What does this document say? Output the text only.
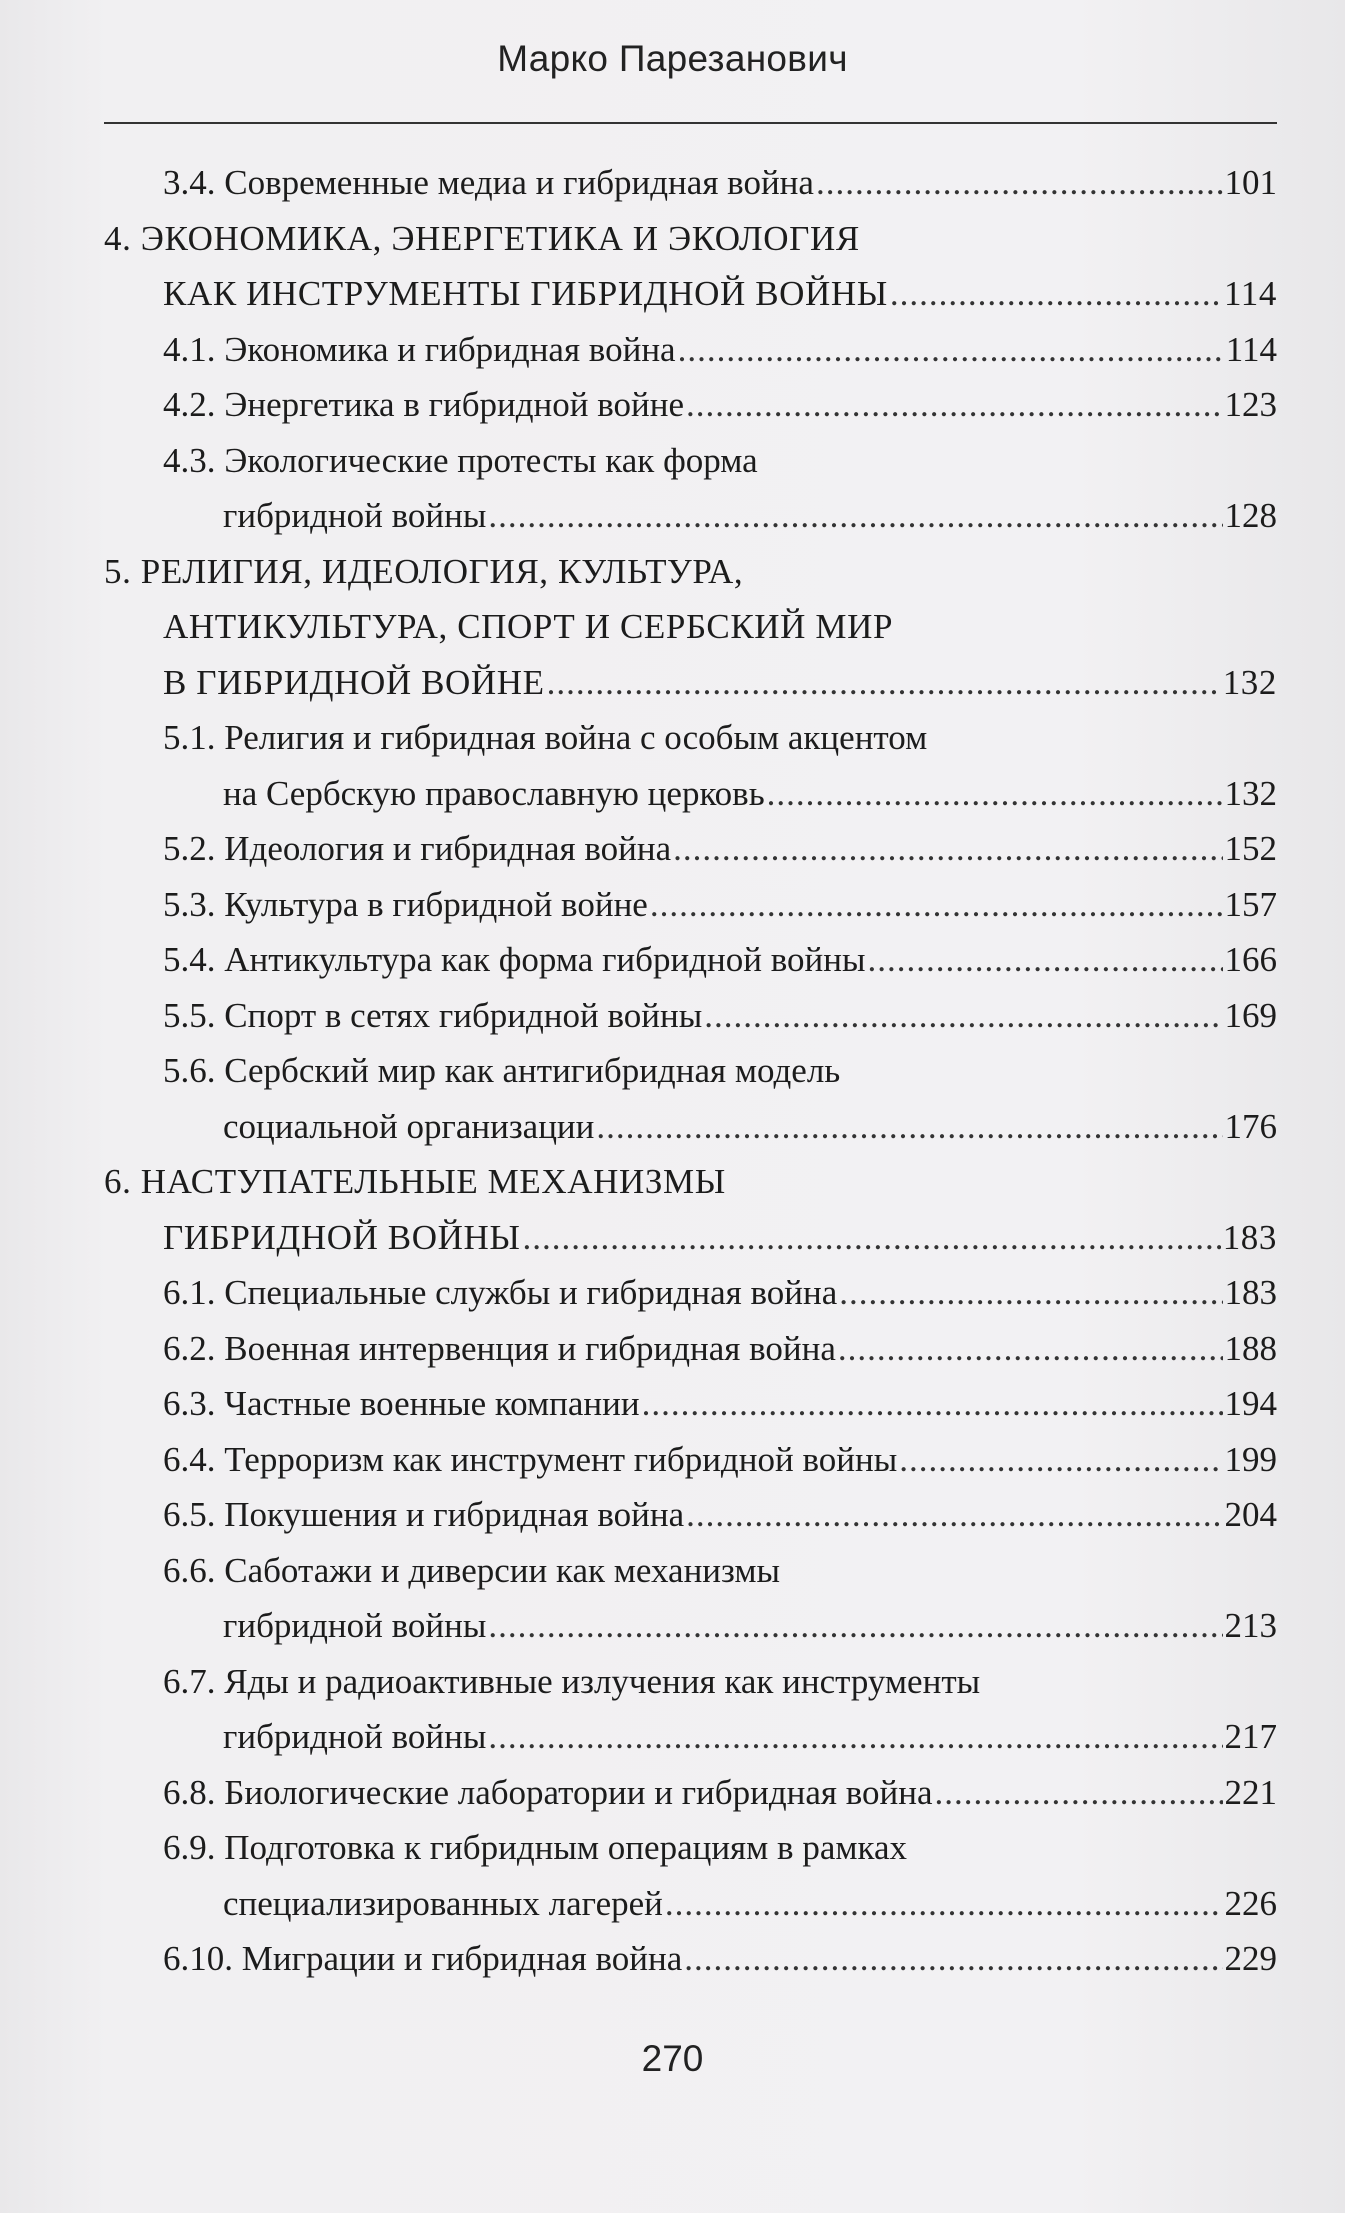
Марко Парезанович
3.4. Современные медиа и гибридная война .....	101
4. ЭКОНОМИКА, ЭНЕРГЕТИКА И ЭКОЛОГИЯ
КАК ИНСТРУМЕНТЫ ГИБРИДНОЙ ВОЙНЫ .....	114
4.1. Экономика и гибридная война .....	114
4.2. Энергетика в гибридной войне .....	123
4.3. Экологические протесты как форма
гибридной войны .....	128
5. РЕЛИГИЯ, ИДЕОЛОГИЯ, КУЛЬТУРА,
АНТИКУЛЬТУРА, СПОРТ И СЕРБСКИЙ МИР
В ГИБРИДНОЙ ВОЙНЕ .....	132
5.1. Религия и гибридная война с особым акцентом
на Сербскую православную церковь .....	132
5.2. Идеология и гибридная война .....	152
5.3. Культура в гибридной войне .....	157
5.4. Антикультура как форма гибридной войны .....	166
5.5. Спорт в сетях гибридной войны .....	169
5.6. Сербский мир как антигибридная модель
социальной организации .....	176
6. НАСТУПАТЕЛЬНЫЕ МЕХАНИЗМЫ
ГИБРИДНОЙ ВОЙНЫ .....	183
6.1. Специальные службы и гибридная война .....	183
6.2. Военная интервенция и гибридная война .....	188
6.3. Частные военные компании .....	194
6.4. Терроризм как инструмент гибридной войны .....	199
6.5. Покушения и гибридная война .....	204
6.6. Саботажи и диверсии как механизмы
гибридной войны .....	213
6.7. Яды и радиоактивные излучения как инструменты
гибридной войны .....	217
6.8. Биологические лаборатории и гибридная война .....	221
6.9. Подготовка к гибридным операциям в рамках
специализированных лагерей .....	226
6.10. Миграции и гибридная война .....	229
270
